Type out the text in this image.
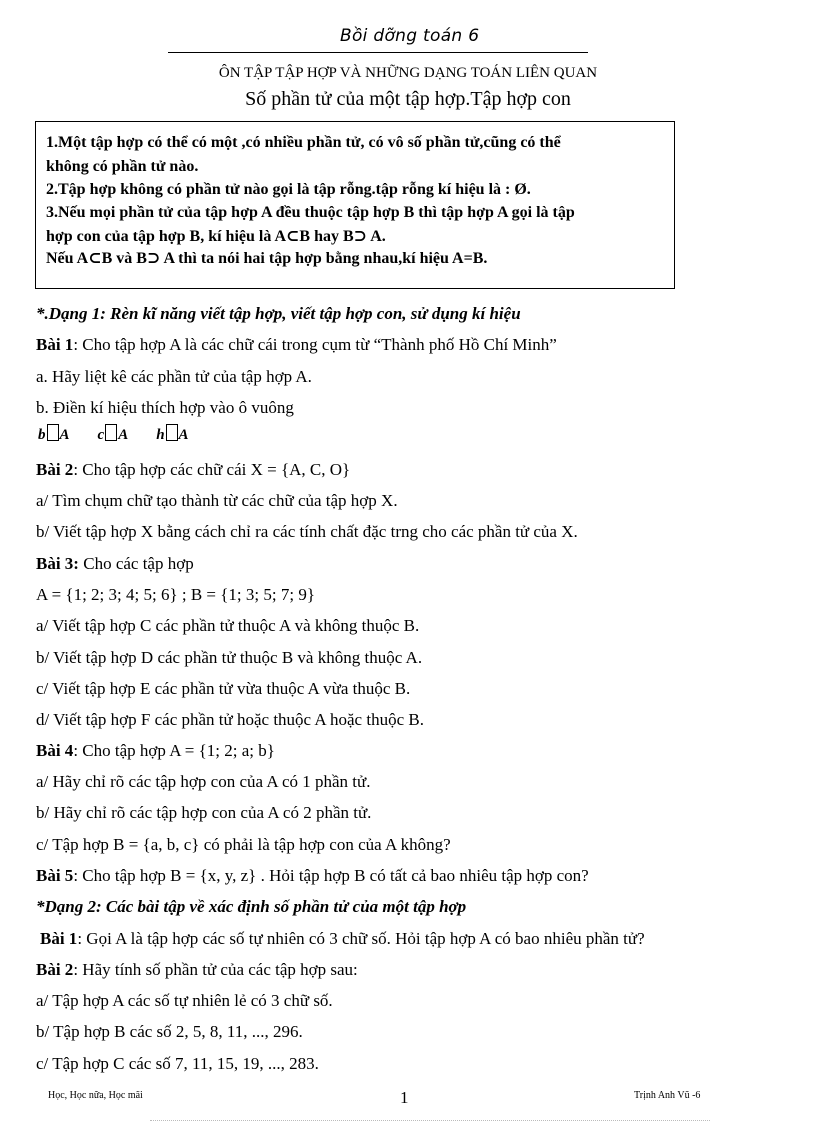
Bồi dỡng toán 6
ÔN TẬP TẬP HỢP VÀ NHỮNG DẠNG TOÁN LIÊN QUAN
Số phần tử của một tập hợp.Tập hợp con
1.Một tập hợp có thể có một ,có nhiều phần tử, có vô số phần tử,cũng có thể
không có phần tử nào.
2.Tập hợp không có phần tử nào gọi là tập rỗng.tập rỗng kí hiệu là : Ø.
3.Nếu mọi phần tử của tập hợp A đều thuộc tập hợp B thì tập hợp A gọi là tập
hợp con của tập hợp B, kí hiệu là A⊂B hay B⊃ A.
Nếu A⊂B và B⊃ A thì ta nói hai tập hợp bằng nhau,kí hiệu A=B.
*.Dạng 1: Rèn kĩ năng viết tập hợp, viết tập hợp con, sử dụng kí hiệu
Bài 1: Cho tập hợp A là các chữ cái trong cụm từ “Thành phố Hồ Chí Minh”
a. Hãy liệt kê các phần tử của tập hợp A.
b. Điền kí hiệu thích hợp vào ô vuông
b A c A h A
Bài 2: Cho tập hợp các chữ cái X = {A, C, O}
a/ Tìm chụm chữ tạo thành từ các chữ của tập hợp X.
b/ Viết tập hợp X bằng cách chỉ ra các tính chất đặc trng cho các phần tử của X.
Bài 3: Cho các tập hợp
A = {1; 2; 3; 4; 5; 6} ; B = {1; 3; 5; 7; 9}
a/ Viết tập hợp C các phần tử thuộc A và không thuộc B.
b/ Viết tập hợp D các phần tử thuộc B và không thuộc A.
c/ Viết tập hợp E các phần tử vừa thuộc A vừa thuộc B.
d/ Viết tập hợp F các phần tử hoặc thuộc A hoặc thuộc B.
Bài 4: Cho tập hợp A = {1; 2; a; b}
a/ Hãy chỉ rõ các tập hợp con của A có 1 phần tử.
b/ Hãy chỉ rõ các tập hợp con của A có 2 phần tử.
c/ Tập hợp B = {a, b, c} có phải là tập hợp con của A không?
Bài 5: Cho tập hợp B = {x, y, z} . Hỏi tập hợp B có tất cả bao nhiêu tập hợp con?
*Dạng 2: Các bài tập về xác định số phần tử của một tập hợp
Bài 1: Gọi A là tập hợp các số tự nhiên có 3 chữ số. Hỏi tập hợp A có bao nhiêu phần tử?
Bài 2: Hãy tính số phần tử của các tập hợp sau:
a/ Tập hợp A các số tự nhiên lẻ có 3 chữ số.
b/ Tập hợp B các số 2, 5, 8, 11, ..., 296.
c/ Tập hợp C các số 7, 11, 15, 19, ..., 283.
Học, Học nữa, Học mãi	1	Trịnh Anh Vũ -6
